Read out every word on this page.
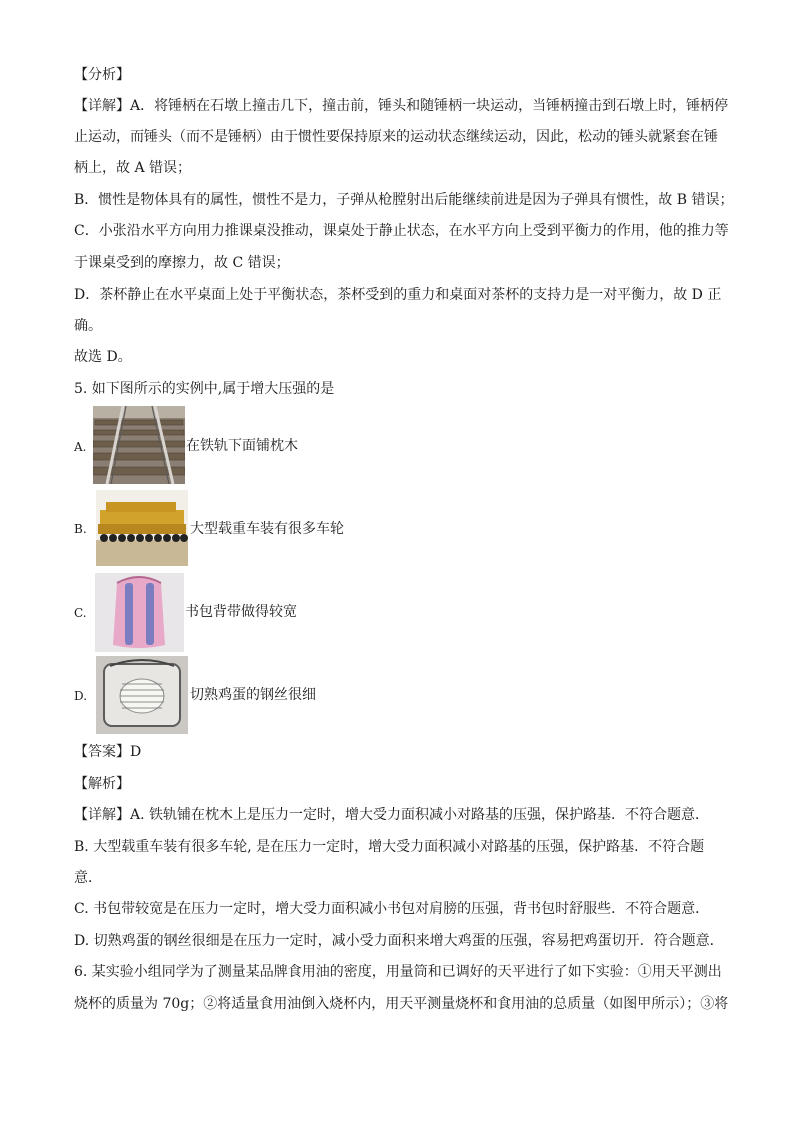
【分析】
【详解】A．将锤柄在石墩上撞击几下，撞击前，锤头和随锤柄一块运动，当锤柄撞击到石墩上时，锤柄停
止运动，而锤头（而不是锤柄）由于惯性要保持原来的运动状态继续运动，因此，松动的锤头就紧套在锤
柄上，故 A 错误；
B．惯性是物体具有的属性，惯性不是力，子弹从枪膛射出后能继续前进是因为子弹具有惯性，故 B 错误；
C．小张沿水平方向用力推课桌没推动，课桌处于静止状态，在水平方向上受到平衡力的作用，他的推力等
于课桌受到的摩擦力，故 C 错误；
D．茶杯静止在水平桌面上处于平衡状态，茶杯受到的重力和桌面对茶杯的支持力是一对平衡力，故 D 正
确。
故选 D。
5. 如下图所示的实例中,属于增大压强的是
A.	在铁轨下面铺枕木
B.	大型载重车装有很多车轮
C.	书包背带做得较宽
D.	切熟鸡蛋的钢丝很细
【答案】D
【解析】
【详解】A. 铁轨铺在枕木上是压力一定时，增大受力面积减小对路基的压强，保护路基．不符合题意．
B. 大型载重车装有很多车轮, 是在压力一定时，增大受力面积减小对路基的压强，保护路基．不符合题
意．
C. 书包带较宽是在压力一定时，增大受力面积减小书包对肩膀的压强，背书包时舒服些．不符合题意．
D. 切熟鸡蛋的钢丝很细是在压力一定时，减小受力面积来增大鸡蛋的压强，容易把鸡蛋切开．符合题意．
6. 某实验小组同学为了测量某品牌食用油的密度，用量筒和已调好的天平进行了如下实验：①用天平测出
烧杯的质量为 70g；②将适量食用油倒入烧杯内，用天平测量烧杯和食用油的总质量（如图甲所示）；③将
